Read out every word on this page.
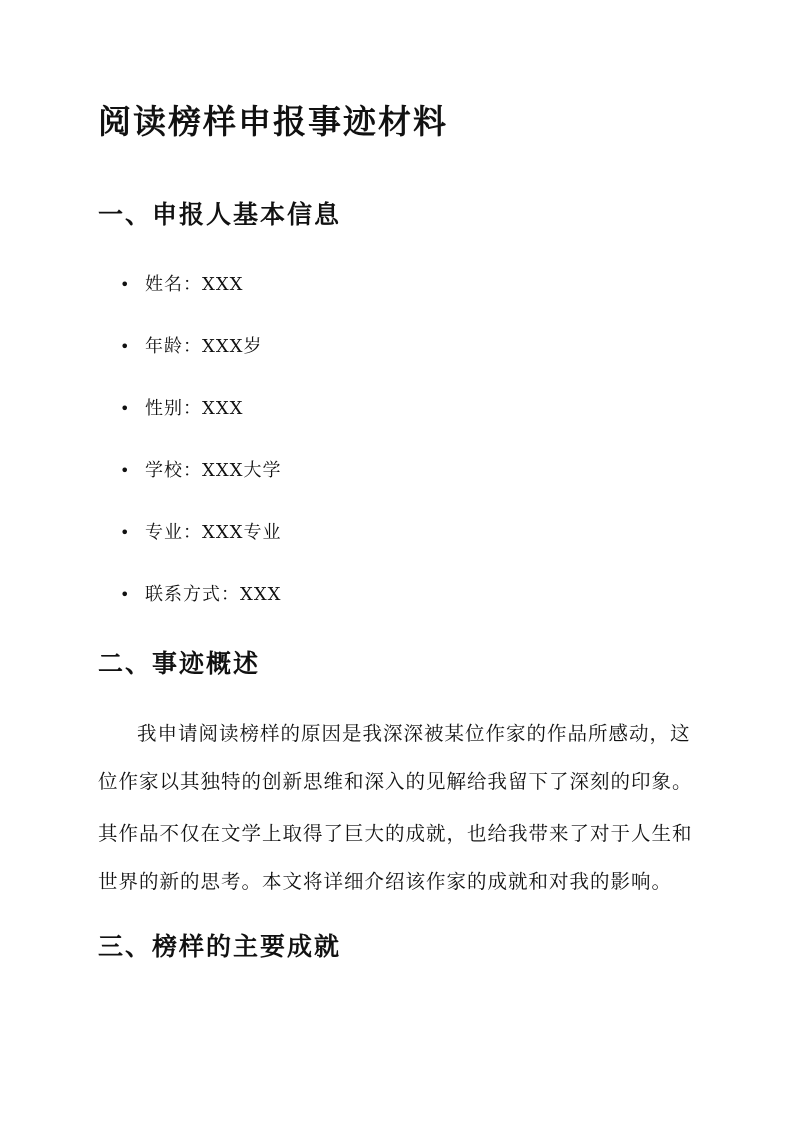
阅读榜样申报事迹材料
一、申报人基本信息
• 姓名：XXX
• 年龄：XXX岁
• 性别：XXX
• 学校：XXX大学
• 专业：XXX专业
• 联系方式：XXX
二、事迹概述
我申请阅读榜样的原因是我深深被某位作家的作品所感动，这
位作家以其独特的创新思维和深入的见解给我留下了深刻的印象。
其作品不仅在文学上取得了巨大的成就，也给我带来了对于人生和
世界的新的思考。本文将详细介绍该作家的成就和对我的影响。
三、榜样的主要成就
